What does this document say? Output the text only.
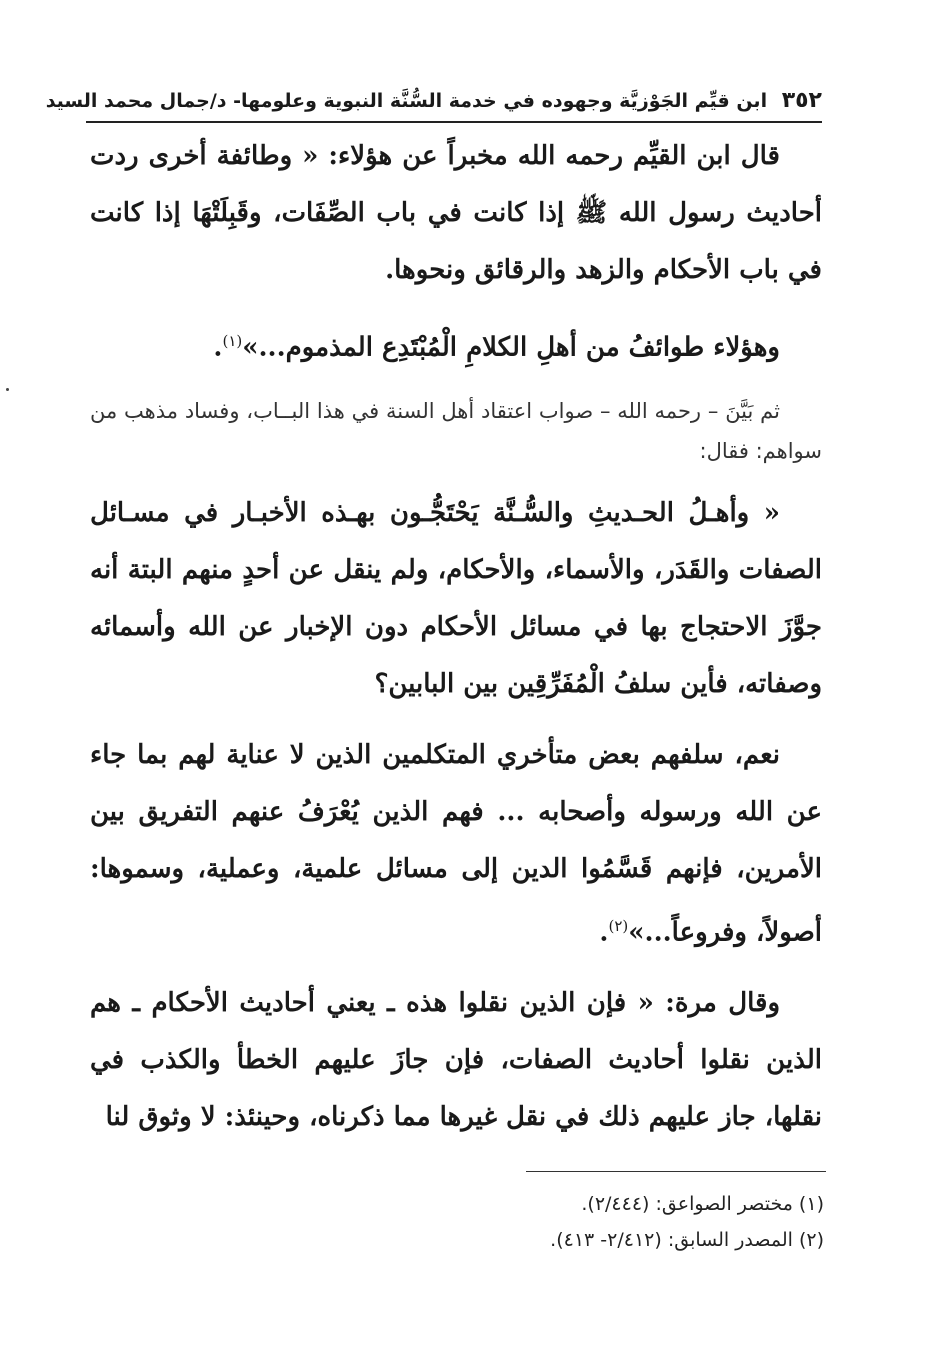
٣٥٢ ابن قيِّم الجَوْزيَّة وجهوده في خدمة السُّنَّة النبوية وعلومها- د/جمال محمد السيد

قال ابن القيِّم رحمه الله مخبراً عن هؤلاء: « وطائفة أخرى ردت أحاديث رسول الله ﷺ إذا كانت في باب الصِّفَات، وقَبِلَتْهَا إذا كانت في باب الأحكام والزهد والرقائق ونحوها.

وهؤلاء طوائفُ من أهلِ الكلامِ الْمُبْتَدِع المذموم...»$^{(١)}$.

ثم بَيَّنَ – رحمه الله – صواب اعتقاد أهل السنة في هذا البــاب، وفساد مذهب من سواهم: فقال:

« وأهـلُ الحـديثِ والسُّـنَّة يَحْتَجُّـون بهـذه الأخبـار في مسـائل الصفات والقَدَر، والأسماء، والأحكام، ولم ينقل عن أحدٍ منهم البتة أنه جوَّزَ الاحتجاج بها في مسائل الأحكام دون الإخبار عن الله وأسمائه وصفاته، فأين سلفُ الْمُفَرِّقِين بين البابين؟

نعم، سلفهم بعض متأخري المتكلمين الذين لا عناية لهم بما جاء عن الله ورسوله وأصحابه ... فهم الذين يُعْرَفُ عنهم التفريق بين الأمرين، فإنهم قَسَّمُوا الدين إلى مسائل علمية، وعملية، وسموها: أصولاً، وفروعاً...»$^{(٢)}$.

وقال مرة: « فإن الذين نقلوا هذه ـ يعني أحاديث الأحكام ـ هم الذين نقلوا أحاديث الصفات، فإن جازَ عليهم الخطأ والكذب في نقلها، جاز عليهم ذلك في نقل غيرها مما ذكرناه، وحينئذ: لا وثوق لنا

(١) مختصر الصواعق: (٢/٤٤٤).
(٢) المصدر السابق: (٢/٤١٢- ٤١٣).
